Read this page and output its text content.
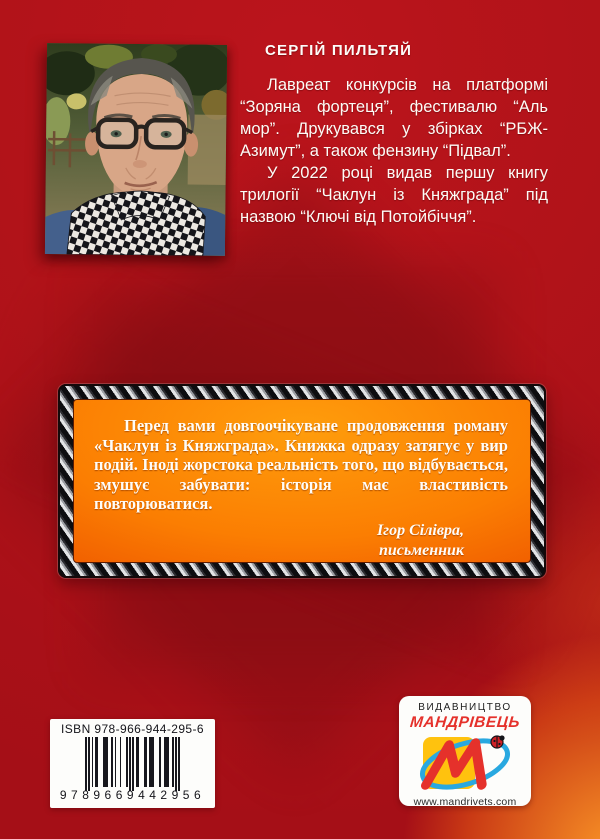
СЕРГІЙ ПИЛЬТЯЙ

Лавреат конкурсів на платформі “Зоряна фортеця”, фестивалю “Аль мор”. Друкувався у збірках “РБЖ-Азимут”, а також фензину “Підвал”.

У 2022 році видав першу книгу трилогії “Чаклун із Княжграда” під назвою “Ключі від Потойбіччя”.

Перед вами довгоочікуване продовження роману «Чаклун із Княжграда». Книжка одразу затягує у вир подій. Іноді жорстока реальність того, що відбувається, змушує забувати: історія має властивість повторюватися.

Ігор Сілівра,
письменник
ISBN 978-966-944-295-6
9789669442956
ВИДАВНИЦТВО
МАНДРІВЕЦЬ
www.mandrivets.com
